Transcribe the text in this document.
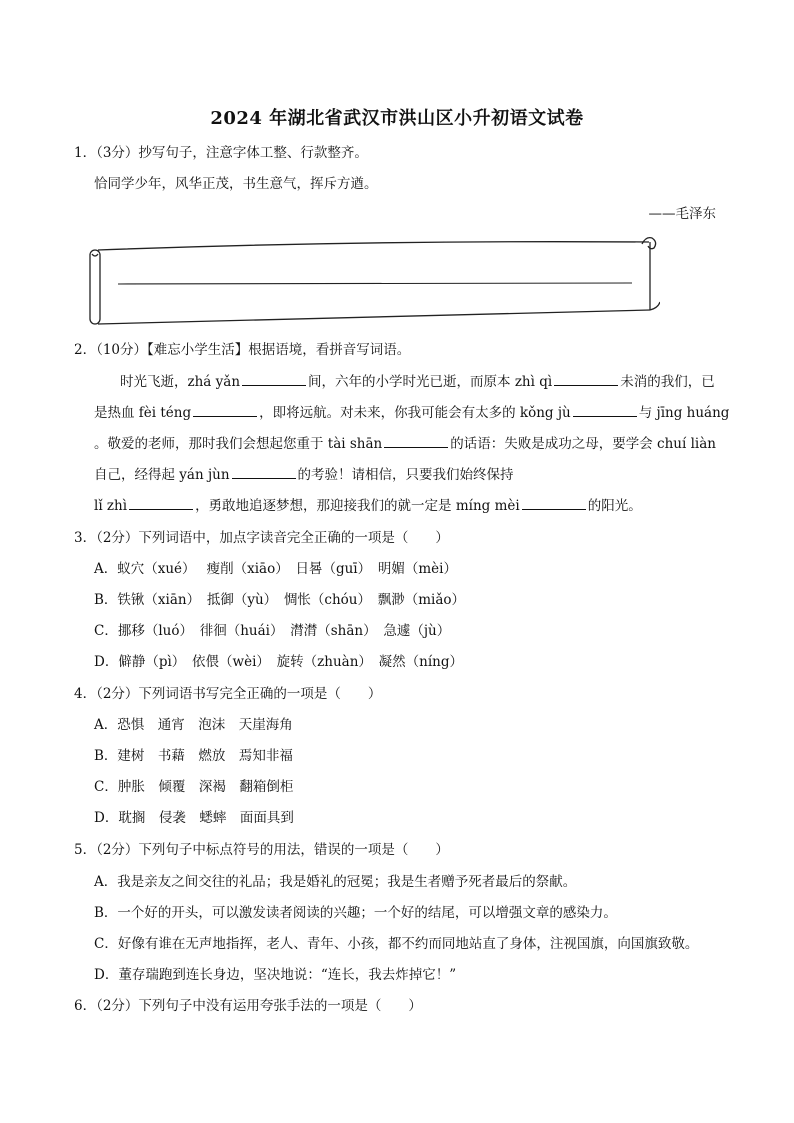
2024 年湖北省武汉市洪山区小升初语文试卷
1．（3分）抄写句子，注意字体工整、行款整齐。
恰同学少年，风华正茂，书生意气，挥斥方遒。
——毛泽东
2．（10分）【难忘小学生活】根据语境，看拼音写词语。
时光飞逝，zhá yǎn	间，六年的小学时光已逝，而原本 zhì qì	未消的我们，已
是热血 fèi téng	，即将远航。对未来，你我可能会有太多的 kǒng jù	与 jīng huáng
。敬爱的老师，那时我们会想起您重于 tài shān	的话语：失败是成功之母，要学会 chuí liàn
自己，经得起 yán jùn	的考验！请相信，只要我们始终保持
lǐ zhì	，勇敢地追逐梦想，那迎接我们的就一定是 míng mèi	的阳光。
3．（2分）下列词语中，加点字读音完全正确的一项是（　　）
A．蚁穴（xué）　 瘦削（xiāo）　日晷（guī）　明媚（mèi）
B．铁锹（xiān）　抵御（yù）　惆怅（chóu）　飘渺（miǎo）
C．挪移（luó）　徘徊（huái）　潸潸（shān）　急遽（jù）
D．僻静（pì）　依偎（wèi）　旋转（zhuàn）　凝然（níng）
4．（2分）下列词语书写完全正确的一项是（　　）
A．恐惧　通宵　泡沫　天崖海角
B．建树　书藉　燃放　焉知非福
C．肿胀　倾覆　深褐　翻箱倒柜
D．耽搁　侵袭　蟋蟀　面面具到
5．（2分）下列句子中标点符号的用法，错误的一项是（　　）
A．我是亲友之间交往的礼品；我是婚礼的冠冕；我是生者赠予死者最后的祭献。
B．一个好的开头，可以激发读者阅读的兴趣；一个好的结尾，可以增强文章的感染力。
C．好像有谁在无声地指挥，老人、青年、小孩，都不约而同地站直了身体，注视国旗，向国旗致敬。
D．董存瑞跑到连长身边，坚决地说：“连长，我去炸掉它！”
6．（2分）下列句子中没有运用夸张手法的一项是（　　）
